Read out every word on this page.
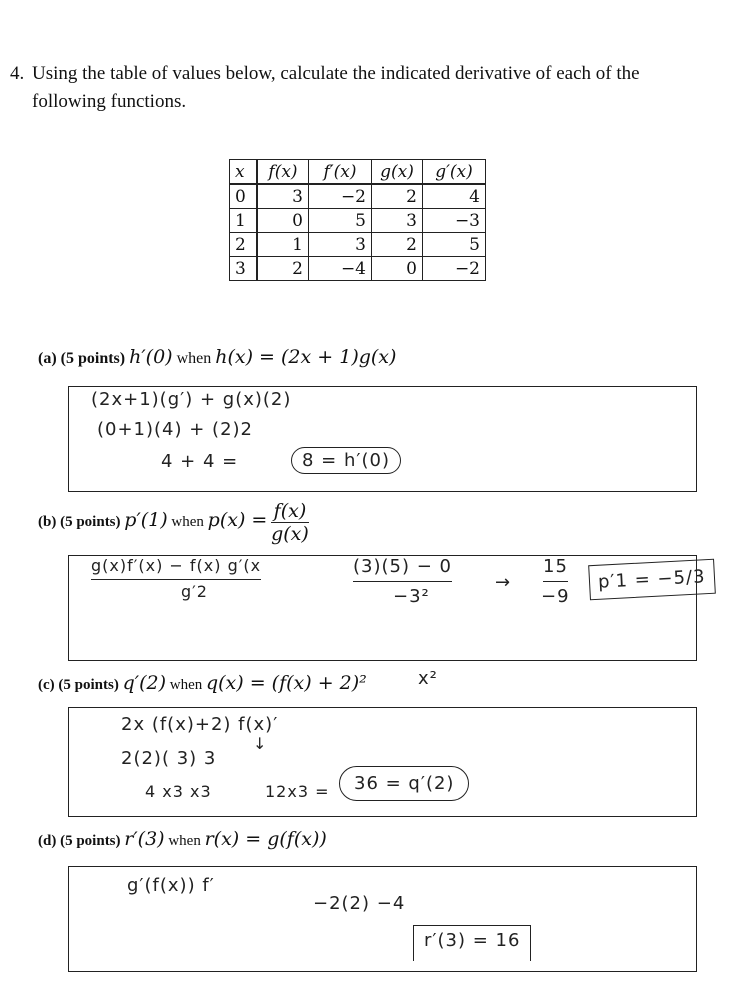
4. Using the table of values below, calculate the indicated derivative of each of the following functions.
x	f(x)	f′(x)	g(x)	g′(x)
0	3	−2	2	4
1	0	5	3	−3
2	1	3	2	5
3	2	−4	0	−2
(a) (5 points) h′(0) when h(x) = (2x + 1)g(x)
(2x+1)(g′) + g(x)(2)
(0+1)(4) + (2)2
4 + 4 =	8 = h′(0)
(b) (5 points) p′(1) when $p(x) = \frac{f(x)}{g(x)}$
g(x)f′(x) − f(x) g′(x
g′2
(3)(5) − 0
−3²
→
15
−9
p′1 = −5/3
(c) (5 points) q′(2) when q(x) = (f(x) + 2)²	x²
2x (f(x)+2) f(x)′
2(2)( 3) 3
↓
4 x3 x3	12x3 =	36 = q′(2)
(d) (5 points) r′(3) when r(x) = g(f(x))
g′(f(x)) f′
−2(2) −4
r′(3) = 16
